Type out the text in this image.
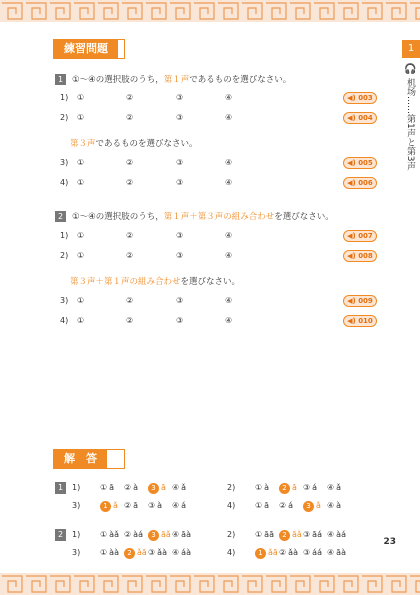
1
🎧
机场……第1声と第3声
練習問題
1 ①～④の選択肢のうち，第１声であるものを選びなさい。
1) ①	②	③	④	◀) 003
2) ①	②	③	④	◀) 004
第３声であるものを選びなさい。
3) ①	②	③	④	◀) 005
4) ①	②	③	④	◀) 006
2 ①～④の選択肢のうち，第１声＋第３声の組み合わせを選びなさい。
1) ①	②	③	④	◀) 007
2) ①	②	③	④	◀) 008
第３声＋第１声の組み合わせを選びなさい。
3) ①	②	③	④	◀) 009
4) ①	②	③	④	◀) 010
解　答
1
2
1) ① ā ② à	3 ā ④ ǎ	2) ① à	2 ā ③ á ④ ǎ
3)	1 ǎ ② ā ③ à ④ á	4) ① ā ② á	3 ǎ ④ à
1) ① àǎ ② àá	3 āǎ ④ āà	2) ① āā	2 āǎ ③ āá ④ àá
3) ① àà	2 ǎā ③ ǎà ④ áà	4)	1 ǎā ② ǎà ③ áá ④ āà
23
